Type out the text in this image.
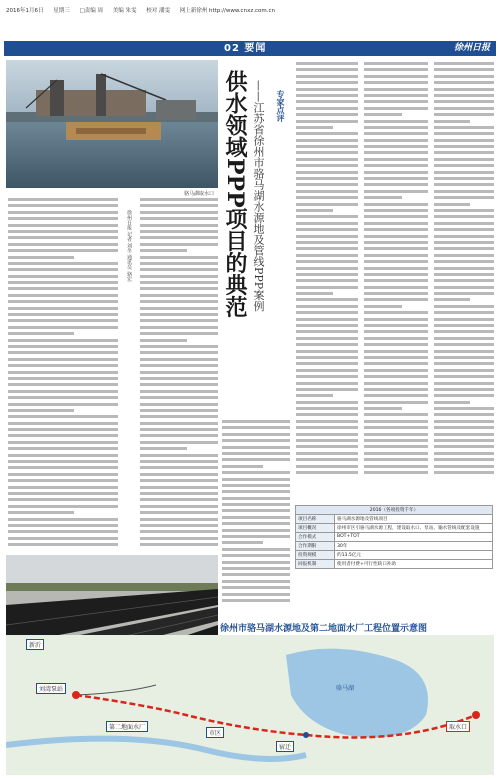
2016年1月6日 星期三 □责编 周 美编 朱雯 校对 潘雯 网上新徐州 http://www.cnxz.com.cn
02 要闻	徐州日报
骆马湖取水口 供水领域PPP项目的典范 ——江苏省徐州市骆马湖水源地及管线PPP案例
徐州日报 记者 刘冬 通讯员 骆宏
专家点评
2016（各项投资千年）	
项目名称	骆马湖水源地及管线项目
项目概况	徐州市区引骆马湖水源工程，建设取水口、泵站、输水管线及配套设施
合作模式	BOT+TOT
合作期限	30年
投资规模	约13.5亿元
回报机制	使用者付费+可行性缺口补助
徐州市骆马湖水源地及第二地面水厂工程位置示意图
取水口
骆马湖
新沂
刘湾泵站
第二地面水厂
宿迁
市区
